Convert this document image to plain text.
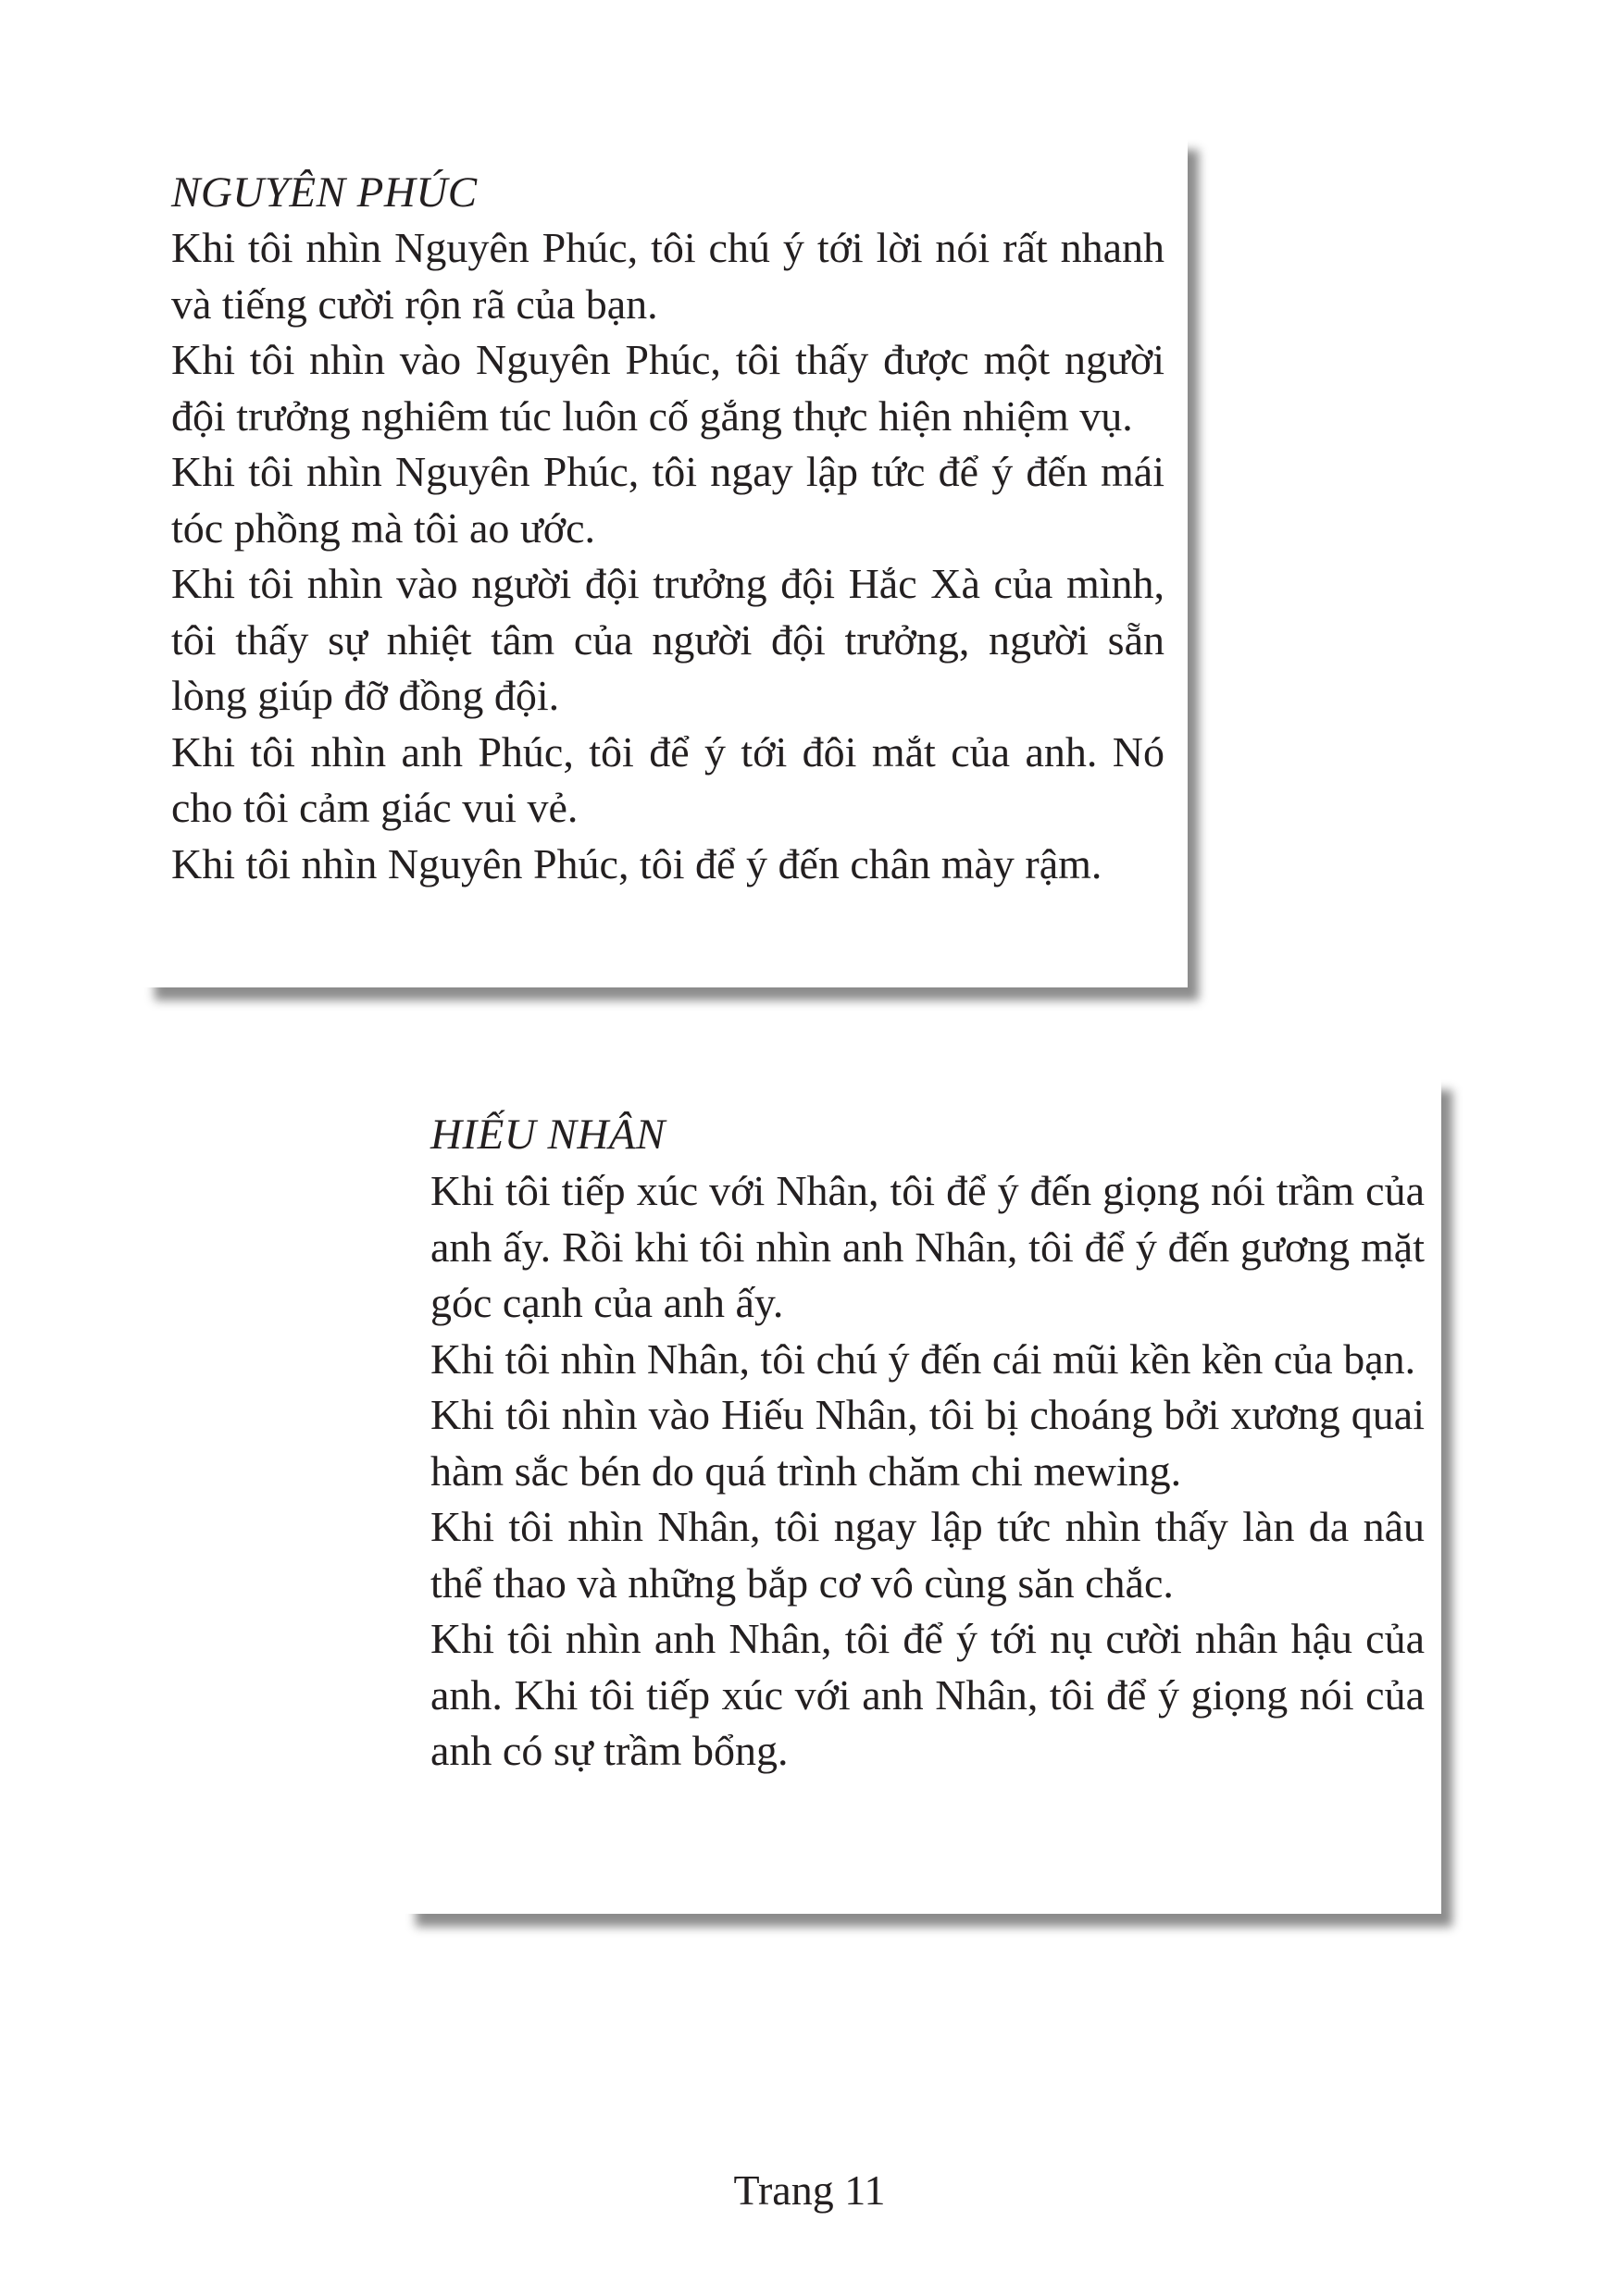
NGUYÊN PHÚC

Khi tôi nhìn Nguyên Phúc, tôi chú ý tới lời nói rất nhanh và tiếng cười rộn rã của bạn.

Khi tôi nhìn vào Nguyên Phúc, tôi thấy được một người đội trưởng nghiêm túc luôn cố gắng thực hiện nhiệm vụ.

Khi tôi nhìn Nguyên Phúc, tôi ngay lập tức để ý đến mái tóc phồng mà tôi ao ước.

Khi tôi nhìn vào người đội trưởng đội Hắc Xà của mình, tôi thấy sự nhiệt tâm của người đội trưởng, người sẵn lòng giúp đỡ đồng đội.

Khi tôi nhìn anh Phúc, tôi để ý tới đôi mắt của anh. Nó cho tôi cảm giác vui vẻ.

Khi tôi nhìn Nguyên Phúc, tôi để ý đến chân mày rậm.

HIẾU NHÂN

Khi tôi tiếp xúc với Nhân, tôi để ý đến giọng nói trầm của anh ấy. Rồi khi tôi nhìn anh Nhân, tôi để ý đến gương mặt góc cạnh của anh ấy.

Khi tôi nhìn Nhân, tôi chú ý đến cái mũi kền kền của bạn.

Khi tôi nhìn vào Hiếu Nhân, tôi bị choáng bởi xương quai hàm sắc bén do quá trình chăm chi mewing.

Khi tôi nhìn Nhân, tôi ngay lập tức nhìn thấy làn da nâu thể thao và những bắp cơ vô cùng săn chắc.

Khi tôi nhìn anh Nhân, tôi để ý tới nụ cười nhân hậu của anh. Khi tôi tiếp xúc với anh Nhân, tôi để ý giọng nói của anh có sự trầm bổng.

Trang 11
